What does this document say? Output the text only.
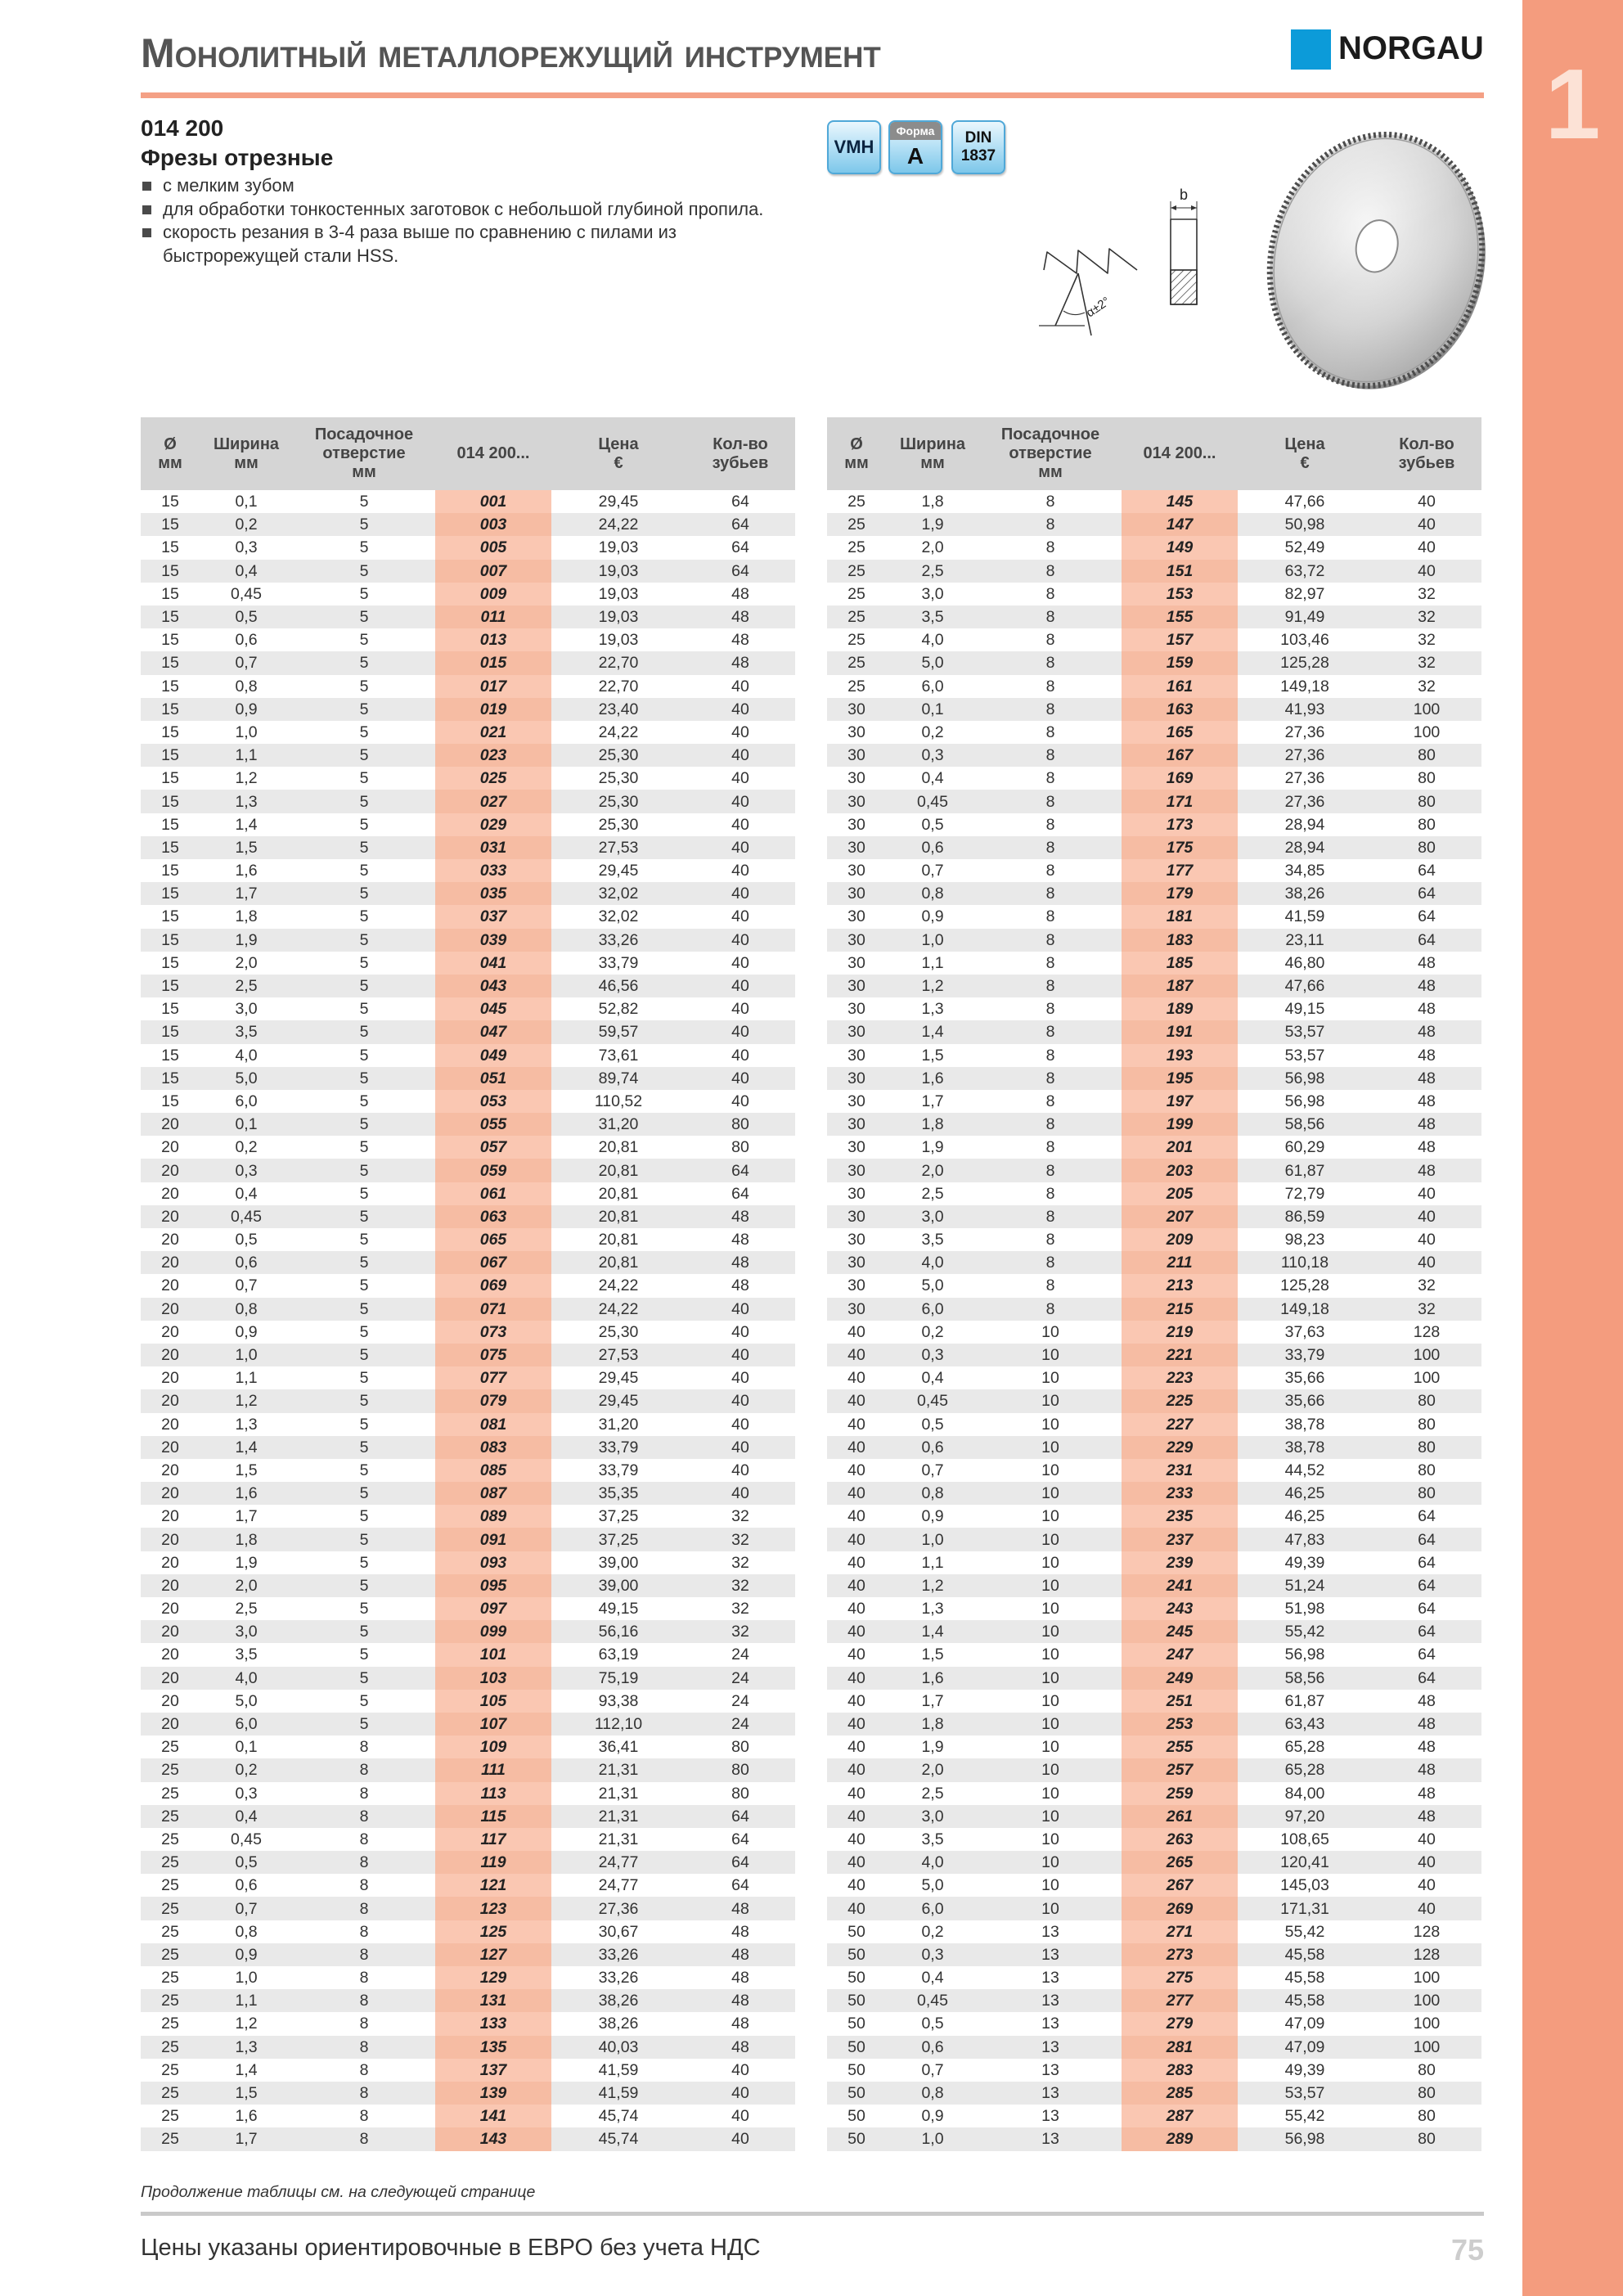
1
Монолитный металлорежущий инструмент	NORGAU
014 200
Фрезы отрезные
с мелким зубом
для обработки тонкостенных заготовок с небольшой глубиной пропила.
скорость резания в 3-4 раза выше по сравнению с пилами из
быстрорежущей стали HSS.
VMH
Форма
A
DIN
1837
b
α±2°
Ø
мм	Ширина
мм	Посадочное
отверстие
мм	014 200...	Цена
€	Кол-во
зубьев

15	0,1	5	001	29,45	64
15	0,2	5	003	24,22	64
15	0,3	5	005	19,03	64
15	0,4	5	007	19,03	64
15	0,45	5	009	19,03	48
15	0,5	5	011	19,03	48
15	0,6	5	013	19,03	48
15	0,7	5	015	22,70	48
15	0,8	5	017	22,70	40
15	0,9	5	019	23,40	40
15	1,0	5	021	24,22	40
15	1,1	5	023	25,30	40
15	1,2	5	025	25,30	40
15	1,3	5	027	25,30	40
15	1,4	5	029	25,30	40
15	1,5	5	031	27,53	40
15	1,6	5	033	29,45	40
15	1,7	5	035	32,02	40
15	1,8	5	037	32,02	40
15	1,9	5	039	33,26	40
15	2,0	5	041	33,79	40
15	2,5	5	043	46,56	40
15	3,0	5	045	52,82	40
15	3,5	5	047	59,57	40
15	4,0	5	049	73,61	40
15	5,0	5	051	89,74	40
15	6,0	5	053	110,52	40
20	0,1	5	055	31,20	80
20	0,2	5	057	20,81	80
20	0,3	5	059	20,81	64
20	0,4	5	061	20,81	64
20	0,45	5	063	20,81	48
20	0,5	5	065	20,81	48
20	0,6	5	067	20,81	48
20	0,7	5	069	24,22	48
20	0,8	5	071	24,22	40
20	0,9	5	073	25,30	40
20	1,0	5	075	27,53	40
20	1,1	5	077	29,45	40
20	1,2	5	079	29,45	40
20	1,3	5	081	31,20	40
20	1,4	5	083	33,79	40
20	1,5	5	085	33,79	40
20	1,6	5	087	35,35	40
20	1,7	5	089	37,25	32
20	1,8	5	091	37,25	32
20	1,9	5	093	39,00	32
20	2,0	5	095	39,00	32
20	2,5	5	097	49,15	32
20	3,0	5	099	56,16	32
20	3,5	5	101	63,19	24
20	4,0	5	103	75,19	24
20	5,0	5	105	93,38	24
20	6,0	5	107	112,10	24
25	0,1	8	109	36,41	80
25	0,2	8	111	21,31	80
25	0,3	8	113	21,31	80
25	0,4	8	115	21,31	64
25	0,45	8	117	21,31	64
25	0,5	8	119	24,77	64
25	0,6	8	121	24,77	64
25	0,7	8	123	27,36	48
25	0,8	8	125	30,67	48
25	0,9	8	127	33,26	48
25	1,0	8	129	33,26	48
25	1,1	8	131	38,26	48
25	1,2	8	133	38,26	48
25	1,3	8	135	40,03	48
25	1,4	8	137	41,59	40
25	1,5	8	139	41,59	40
25	1,6	8	141	45,74	40
25	1,7	8	143	45,74	40
Ø
мм	Ширина
мм	Посадочное
отверстие
мм	014 200...	Цена
€	Кол-во
зубьев

25	1,8	8	145	47,66	40
25	1,9	8	147	50,98	40
25	2,0	8	149	52,49	40
25	2,5	8	151	63,72	40
25	3,0	8	153	82,97	32
25	3,5	8	155	91,49	32
25	4,0	8	157	103,46	32
25	5,0	8	159	125,28	32
25	6,0	8	161	149,18	32
30	0,1	8	163	41,93	100
30	0,2	8	165	27,36	100
30	0,3	8	167	27,36	80
30	0,4	8	169	27,36	80
30	0,45	8	171	27,36	80
30	0,5	8	173	28,94	80
30	0,6	8	175	28,94	80
30	0,7	8	177	34,85	64
30	0,8	8	179	38,26	64
30	0,9	8	181	41,59	64
30	1,0	8	183	23,11	64
30	1,1	8	185	46,80	48
30	1,2	8	187	47,66	48
30	1,3	8	189	49,15	48
30	1,4	8	191	53,57	48
30	1,5	8	193	53,57	48
30	1,6	8	195	56,98	48
30	1,7	8	197	56,98	48
30	1,8	8	199	58,56	48
30	1,9	8	201	60,29	48
30	2,0	8	203	61,87	48
30	2,5	8	205	72,79	40
30	3,0	8	207	86,59	40
30	3,5	8	209	98,23	40
30	4,0	8	211	110,18	40
30	5,0	8	213	125,28	32
30	6,0	8	215	149,18	32
40	0,2	10	219	37,63	128
40	0,3	10	221	33,79	100
40	0,4	10	223	35,66	100
40	0,45	10	225	35,66	80
40	0,5	10	227	38,78	80
40	0,6	10	229	38,78	80
40	0,7	10	231	44,52	80
40	0,8	10	233	46,25	80
40	0,9	10	235	46,25	64
40	1,0	10	237	47,83	64
40	1,1	10	239	49,39	64
40	1,2	10	241	51,24	64
40	1,3	10	243	51,98	64
40	1,4	10	245	55,42	64
40	1,5	10	247	56,98	64
40	1,6	10	249	58,56	64
40	1,7	10	251	61,87	48
40	1,8	10	253	63,43	48
40	1,9	10	255	65,28	48
40	2,0	10	257	65,28	48
40	2,5	10	259	84,00	48
40	3,0	10	261	97,20	48
40	3,5	10	263	108,65	40
40	4,0	10	265	120,41	40
40	5,0	10	267	145,03	40
40	6,0	10	269	171,31	40
50	0,2	13	271	55,42	128
50	0,3	13	273	45,58	128
50	0,4	13	275	45,58	100
50	0,45	13	277	45,58	100
50	0,5	13	279	47,09	100
50	0,6	13	281	47,09	100
50	0,7	13	283	49,39	80
50	0,8	13	285	53,57	80
50	0,9	13	287	55,42	80
50	1,0	13	289	56,98	80
Продолжение таблицы см. на следующей странице
Цены указаны ориентировочные в ЕВРО без учета НДС	75
